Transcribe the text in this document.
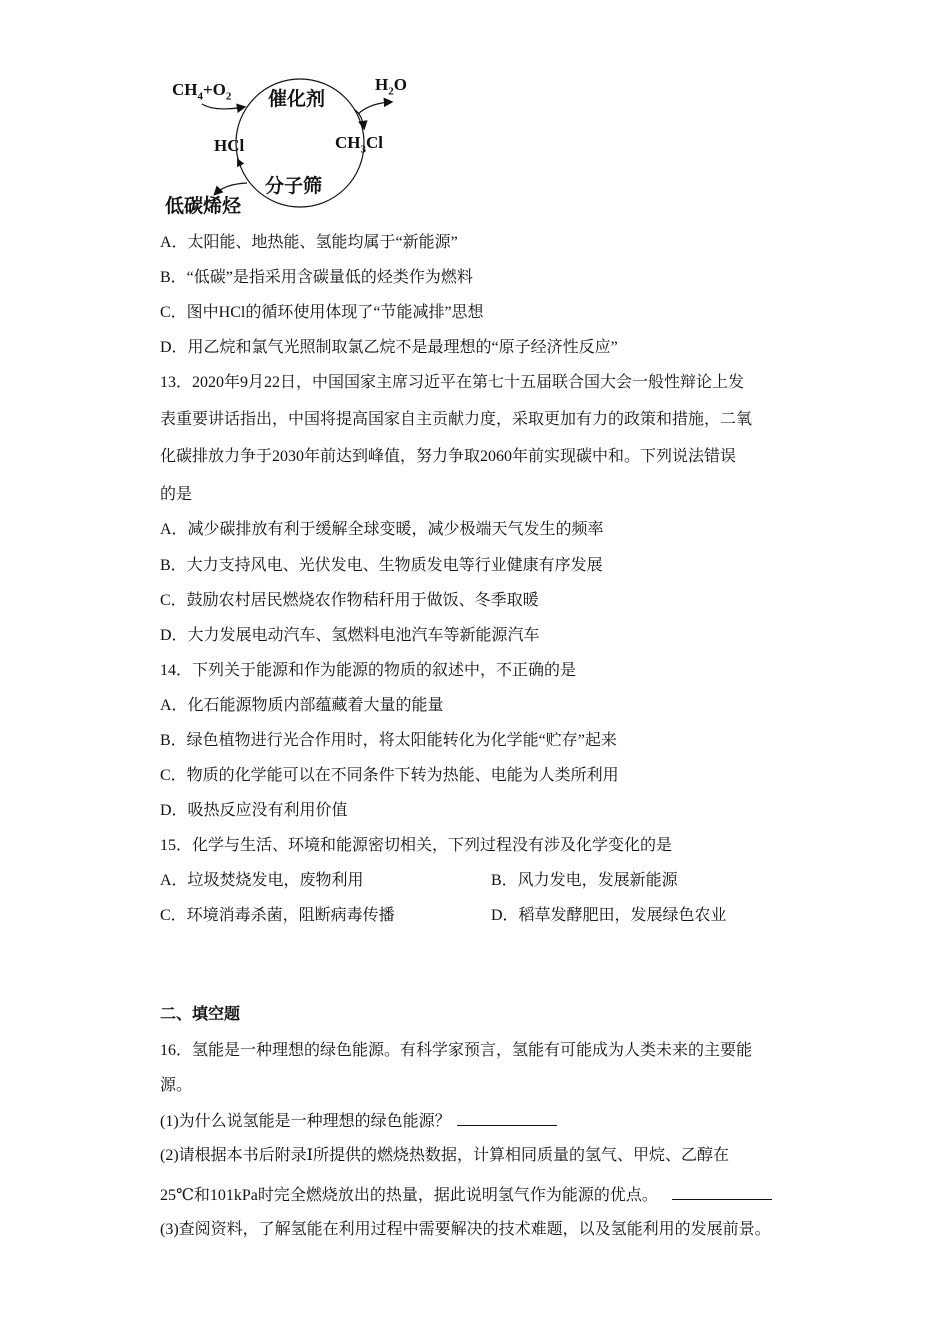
$CH_4+O_2$
$H_2O$
催化剂
HCl	$CH_3Cl$
分子筛
低碳烯烃
A．太阳能、地热能、氢能均属于“新能源”
B．“低碳”是指采用含碳量低的烃类作为燃料
C．图中HCl的循环使用体现了“节能减排”思想
D．用乙烷和氯气光照制取氯乙烷不是最理想的“原子经济性反应”
13．2020年9月22日，中国国家主席习近平在第七十五届联合国大会一般性辩论上发
表重要讲话指出，中国将提高国家自主贡献力度，采取更加有力的政策和措施，二氧
化碳排放力争于2030年前达到峰值，努力争取2060年前实现碳中和。下列说法错误
的是
A．减少碳排放有利于缓解全球变暖，减少极端天气发生的频率
B．大力支持风电、光伏发电、生物质发电等行业健康有序发展
C．鼓励农村居民燃烧农作物秸秆用于做饭、冬季取暖
D．大力发展电动汽车、氢燃料电池汽车等新能源汽车
14．下列关于能源和作为能源的物质的叙述中，不正确的是
A．化石能源物质内部蕴藏着大量的能量
B．绿色植物进行光合作用时，将太阳能转化为化学能“贮存”起来
C．物质的化学能可以在不同条件下转为热能、电能为人类所利用
D．吸热反应没有利用价值
15．化学与生活、环境和能源密切相关，下列过程没有涉及化学变化的是
A．垃圾焚烧发电，废物利用	B．风力发电，发展新能源
C．环境消毒杀菌，阻断病毒传播	D．稻草发酵肥田，发展绿色农业
二、填空题
16．氢能是一种理想的绿色能源。有科学家预言，氢能有可能成为人类未来的主要能
源。
(1)为什么说氢能是一种理想的绿色能源？
(2)请根据本书后附录Ⅰ所提供的燃烧热数据，计算相同质量的氢气、甲烷、乙醇在
25℃和101kPa时完全燃烧放出的热量，据此说明氢气作为能源的优点。
(3)查阅资料，了解氢能在利用过程中需要解决的技术难题，以及氢能利用的发展前景。
